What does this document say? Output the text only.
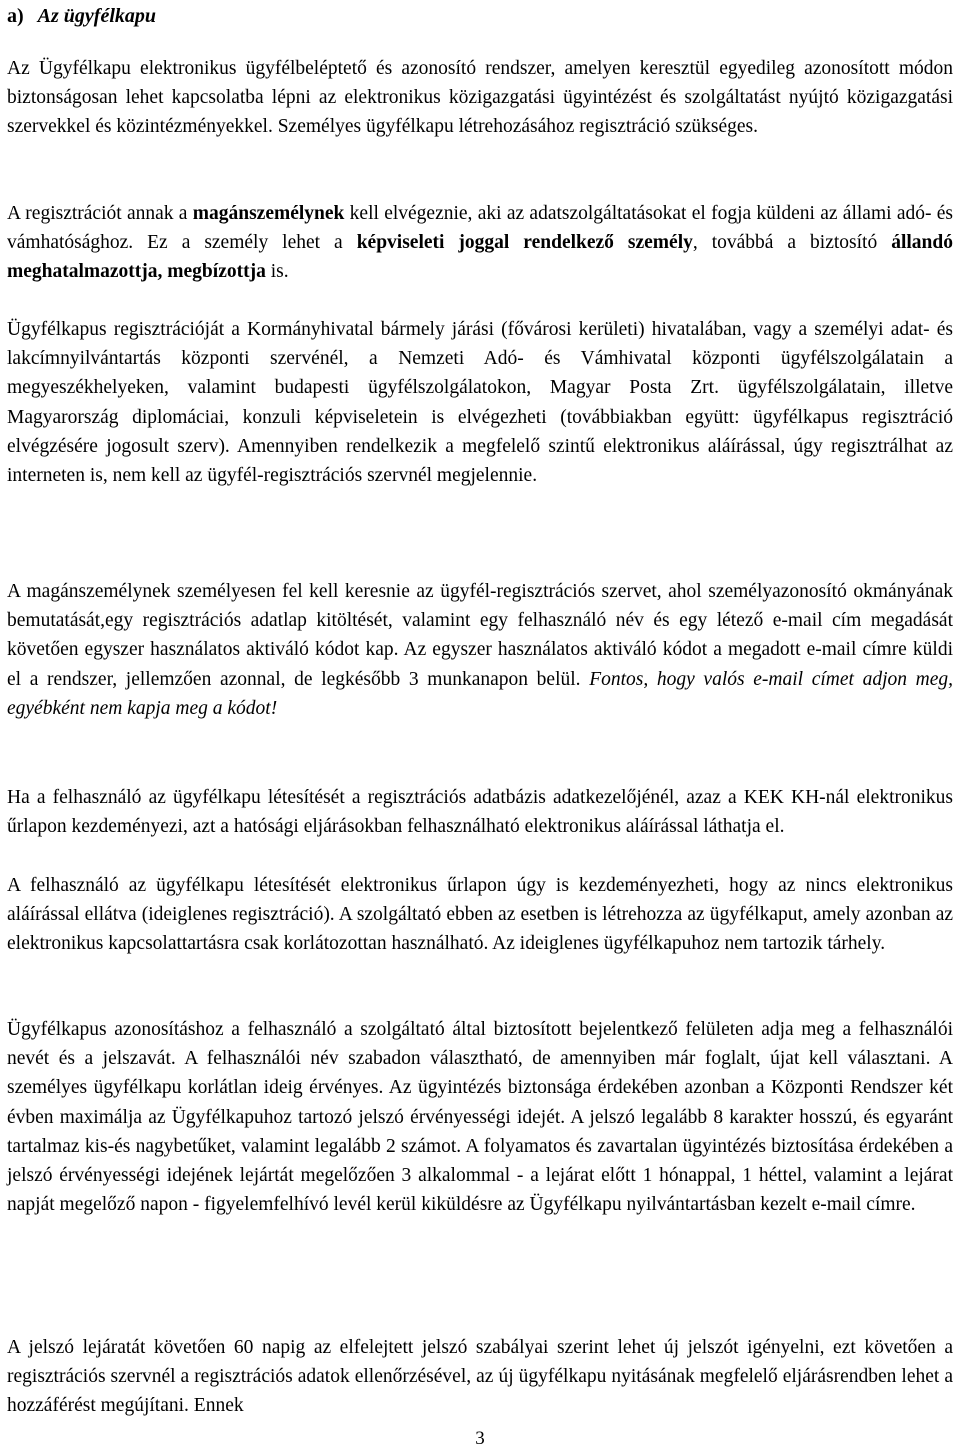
a) Az ügyfélkapu

Az Ügyfélkapu elektronikus ügyfélbeléptető és azonosító rendszer, amelyen keresztül egyedileg azonosított módon biztonságosan lehet kapcsolatba lépni az elektronikus közigazgatási ügyintézést és szolgáltatást nyújtó közigazgatási szervekkel és közintézményekkel. Személyes ügyfélkapu létrehozásához regisztráció szükséges.

A regisztrációt annak a magánszemélynek kell elvégeznie, aki az adatszolgáltatásokat el fogja küldeni az állami adó- és vámhatósághoz. Ez a személy lehet a képviseleti joggal rendelkező személy, továbbá a biztosító állandó meghatalmazottja, megbízottja is.

Ügyfélkapus regisztrációját a Kormányhivatal bármely járási (fővárosi kerületi) hivatalában, vagy a személyi adat- és lakcímnyilvántartás központi szervénél, a Nemzeti Adó- és Vámhivatal központi ügyfélszolgálatain a megyeszékhelyeken, valamint budapesti ügyfélszolgálatokon, Magyar Posta Zrt. ügyfélszolgálatain, illetve Magyarország diplomáciai, konzuli képviseletein is elvégezheti (továbbiakban együtt: ügyfélkapus regisztráció elvégzésére jogosult szerv). Amennyiben rendelkezik a megfelelő szintű elektronikus aláírással, úgy regisztrálhat az interneten is, nem kell az ügyfél-regisztrációs szervnél megjelennie.

A magánszemélynek személyesen fel kell keresnie az ügyfél-regisztrációs szervet, ahol személyazonosító okmányának bemutatását,egy regisztrációs adatlap kitöltését, valamint egy felhasználó név és egy létező e-mail cím megadását követően egyszer használatos aktiváló kódot kap. Az egyszer használatos aktiváló kódot a megadott e-mail címre küldi el a rendszer, jellemzően azonnal, de legkésőbb 3 munkanapon belül. Fontos, hogy valós e-mail címet adjon meg, egyébként nem kapja meg a kódot!

Ha a felhasználó az ügyfélkapu létesítését a regisztrációs adatbázis adatkezelőjénél, azaz a KEK KH-nál elektronikus űrlapon kezdeményezi, azt a hatósági eljárásokban felhasználható elektronikus aláírással láthatja el.

A felhasználó az ügyfélkapu létesítését elektronikus űrlapon úgy is kezdeményezheti, hogy az nincs elektronikus aláírással ellátva (ideiglenes regisztráció). A szolgáltató ebben az esetben is létrehozza az ügyfélkaput, amely azonban az elektronikus kapcsolattartásra csak korlátozottan használható. Az ideiglenes ügyfélkapuhoz nem tartozik tárhely.

Ügyfélkapus azonosításhoz a felhasználó a szolgáltató által biztosított bejelentkező felületen adja meg a felhasználói nevét és a jelszavát. A felhasználói név szabadon választható, de amennyiben már foglalt, újat kell választani. A személyes ügyfélkapu korlátlan ideig érvényes. Az ügyintézés biztonsága érdekében azonban a Központi Rendszer két évben maximálja az Ügyfélkapuhoz tartozó jelszó érvényességi idejét. A jelszó legalább 8 karakter hosszú, és egyaránt tartalmaz kis-és nagybetűket, valamint legalább 2 számot. A folyamatos és zavartalan ügyintézés biztosítása érdekében a jelszó érvényességi idejének lejártát megelőzően 3 alkalommal - a lejárat előtt 1 hónappal, 1 héttel, valamint a lejárat napját megelőző napon - figyelemfelhívó levél kerül kiküldésre az Ügyfélkapu nyilvántartásban kezelt e-mail címre.

A jelszó lejáratát követően 60 napig az elfelejtett jelszó szabályai szerint lehet új jelszót igényelni, ezt követően a regisztrációs szervnél a regisztrációs adatok ellenőrzésével, az új ügyfélkapu nyitásának megfelelő eljárásrendben lehet a hozzáférést megújítani. Ennek

3
